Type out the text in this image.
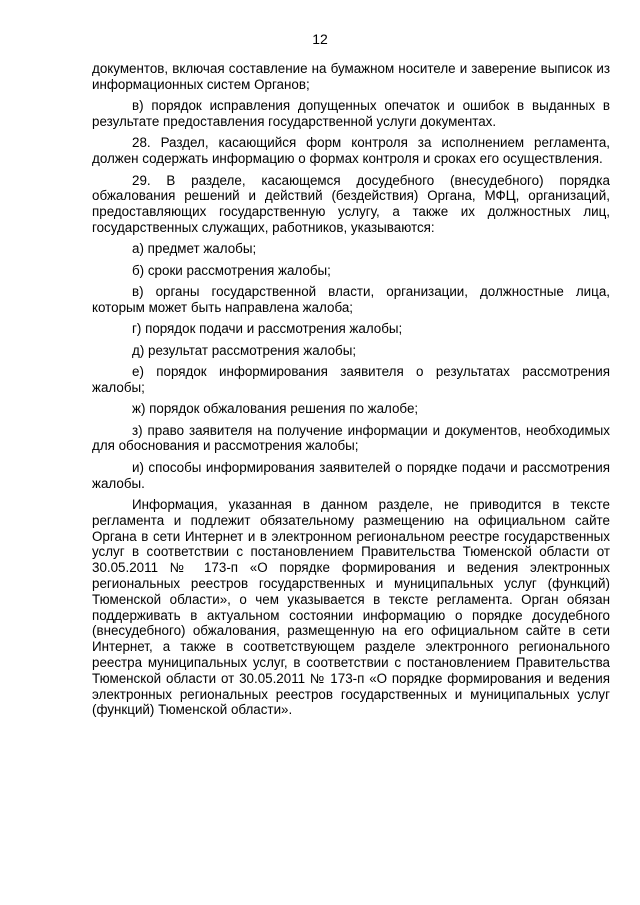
12

документов, включая составление на бумажном носителе и заверение выписок из информационных систем Органов;

в) порядок исправления допущенных опечаток и ошибок в выданных в результате предоставления государственной услуги документах.

28. Раздел, касающийся форм контроля за исполнением регламента, должен содержать информацию о формах контроля и сроках его осуществления.

29. В разделе, касающемся досудебного (внесудебного) порядка обжалования решений и действий (бездействия) Органа, МФЦ, организаций, предоставляющих государственную услугу, а также их должностных лиц, государственных служащих, работников, указываются:

а) предмет жалобы;

б) сроки рассмотрения жалобы;

в) органы государственной власти, организации, должностные лица, которым может быть направлена жалоба;

г) порядок подачи и рассмотрения жалобы;

д) результат рассмотрения жалобы;

е) порядок информирования заявителя о результатах рассмотрения жалобы;

ж) порядок обжалования решения по жалобе;

з) право заявителя на получение информации и документов, необходимых для обоснования и рассмотрения жалобы;

и) способы информирования заявителей о порядке подачи и рассмотрения жалобы.

Информация, указанная в данном разделе, не приводится в тексте регламента и подлежит обязательному размещению на официальном сайте Органа в сети Интернет и в электронном региональном реестре государственных услуг в соответствии с постановлением Правительства Тюменской области от 30.05.2011 № 173-п «О порядке формирования и ведения электронных региональных реестров государственных и муниципальных услуг (функций) Тюменской области», о чем указывается в тексте регламента. Орган обязан поддерживать в актуальном состоянии информацию о порядке досудебного (внесудебного) обжалования, размещенную на его официальном сайте в сети Интернет, а также в соответствующем разделе электронного регионального реестра муниципальных услуг, в соответствии с постановлением Правительства Тюменской области от 30.05.2011 № 173-п «О порядке формирования и ведения электронных региональных реестров государственных и муниципальных услуг (функций) Тюменской области».
